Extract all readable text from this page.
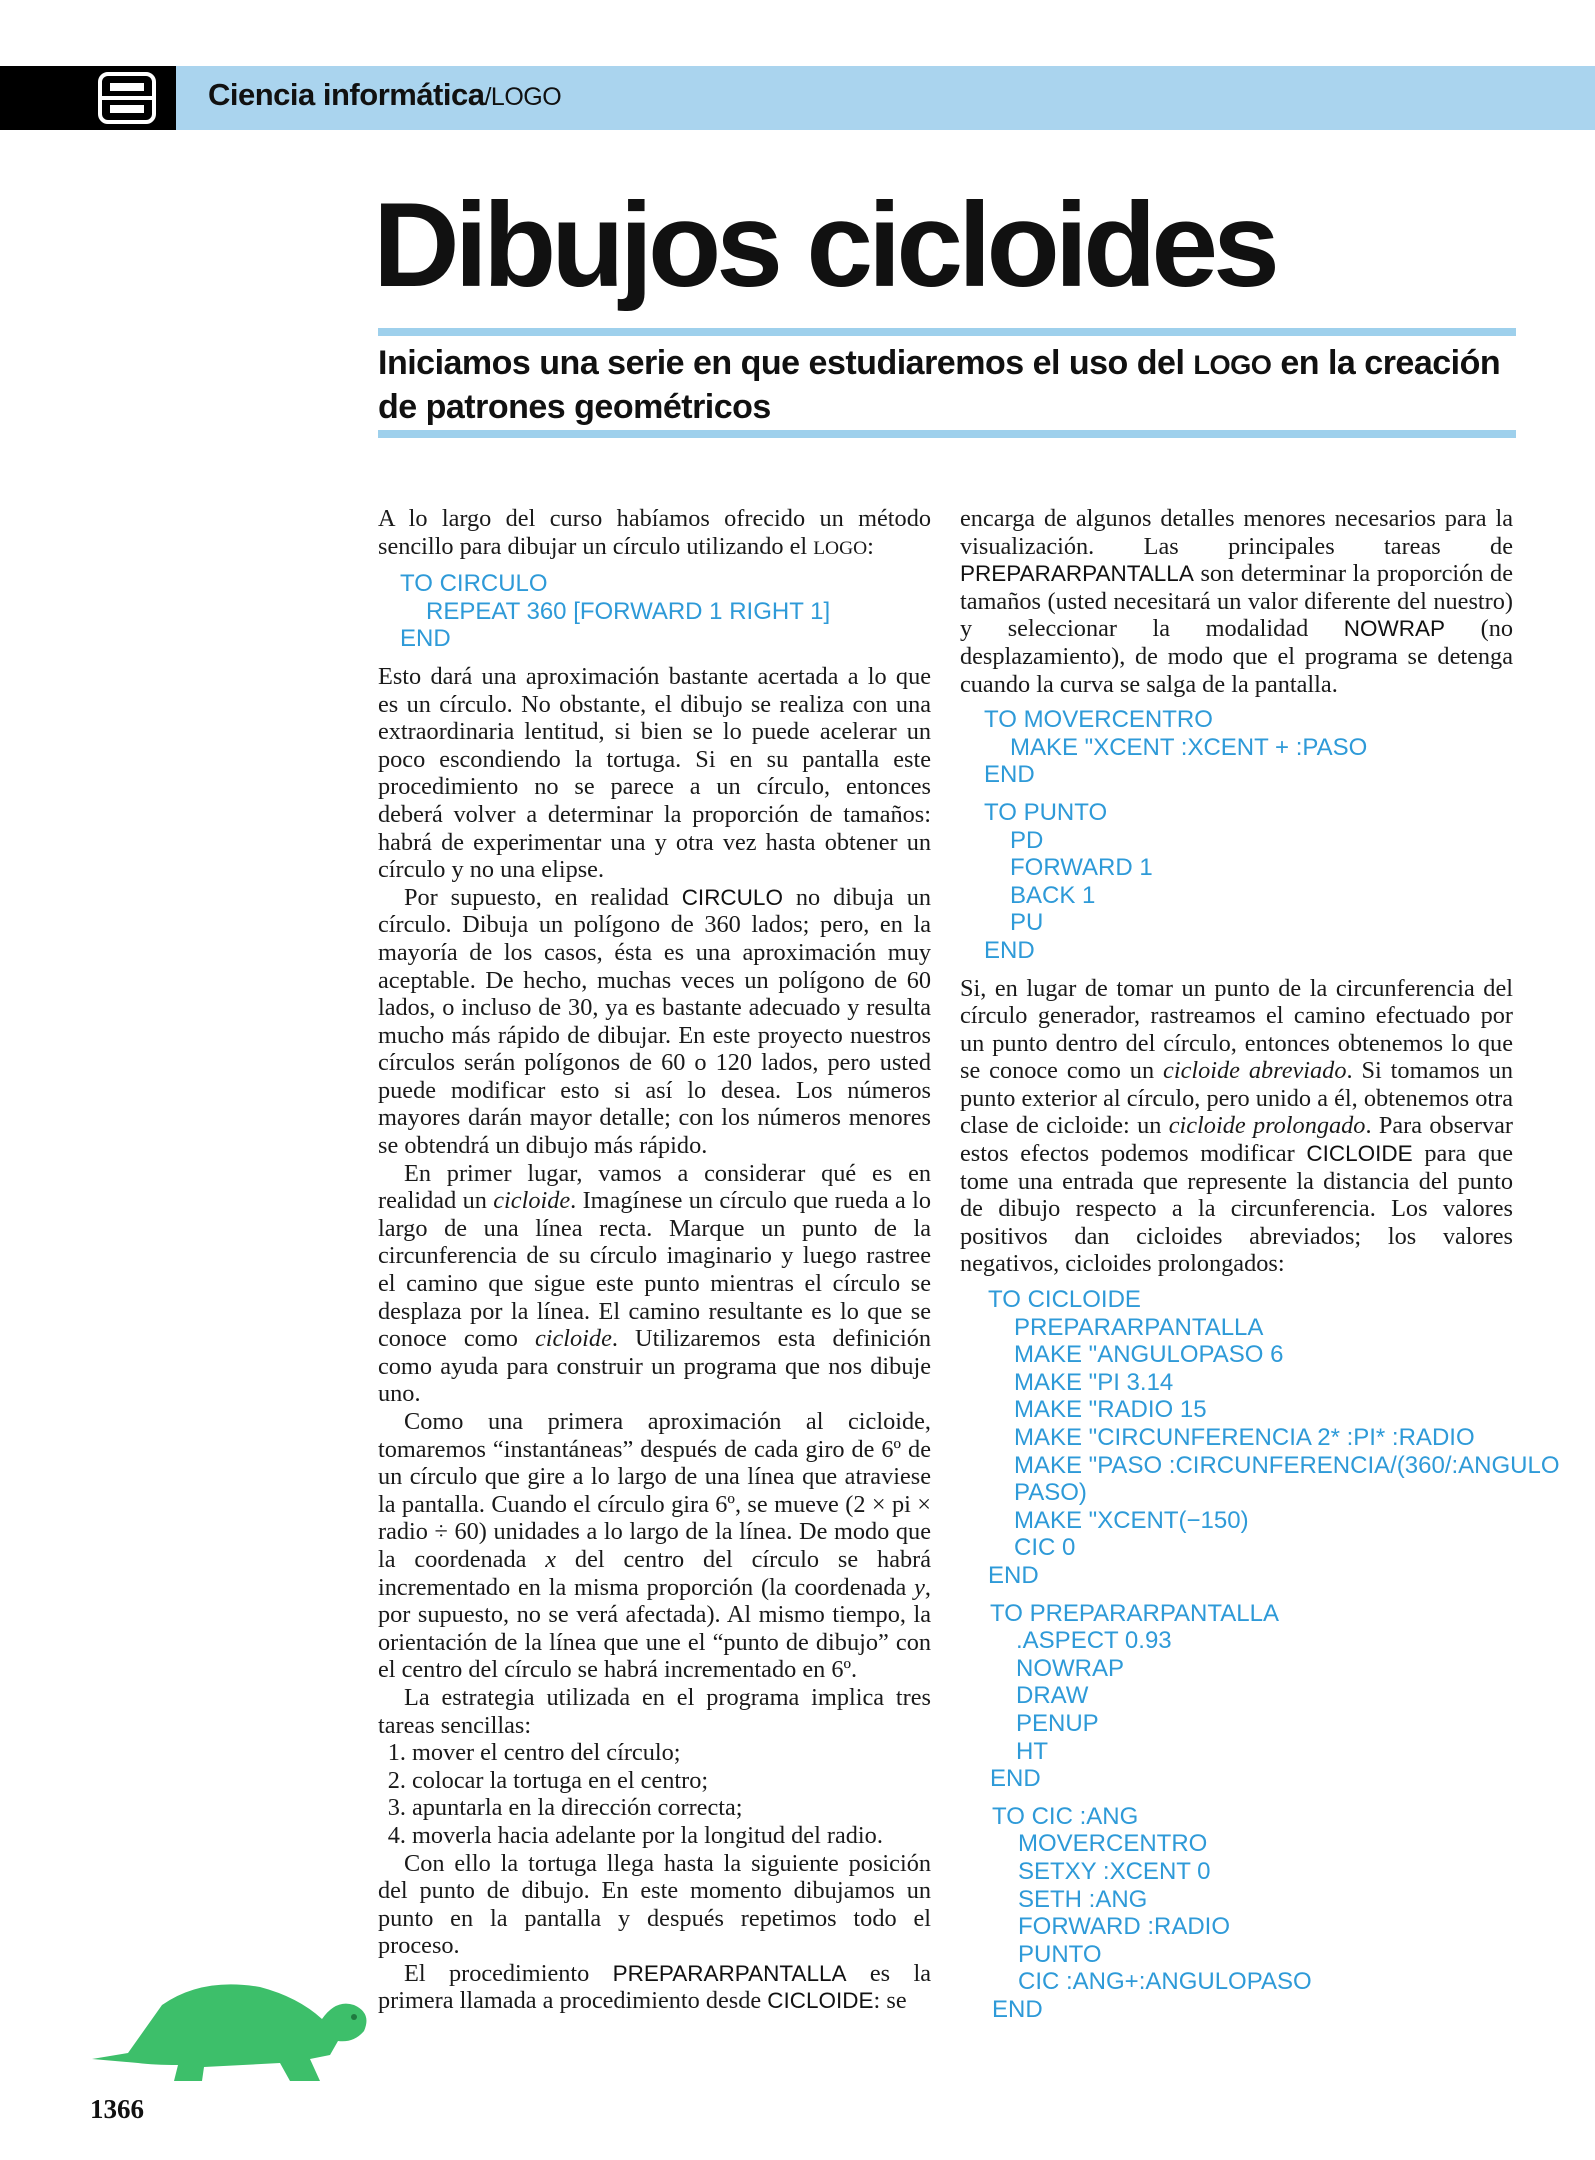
Ciencia informática/LOGO
Dibujos cicloides

Iniciamos una serie en que estudiaremos el uso del LOGO en la creación de patrones geométricos

A lo largo del curso habíamos ofrecido un método sencillo para dibujar un círculo utilizando el LOGO:

TO CIRCULO
REPEAT 360 [FORWARD 1 RIGHT 1]
END

Esto dará una aproximación bastante acertada a lo que es un círculo. No obstante, el dibujo se realiza con una extraordinaria lentitud, si bien se lo puede acelerar un poco escondiendo la tortuga. Si en su pantalla este procedimiento no se parece a un círculo, entonces deberá volver a determinar la proporción de tamaños: habrá de experimentar una y otra vez hasta obtener un círculo y no una elipse.

Por supuesto, en realidad CIRCULO no dibuja un círculo. Dibuja un polígono de 360 lados; pero, en la mayoría de los casos, ésta es una aproximación muy aceptable. De hecho, muchas veces un polígono de 60 lados, o incluso de 30, ya es bastante adecuado y resulta mucho más rápido de dibujar. En este proyecto nuestros círculos serán polígonos de 60 o 120 lados, pero usted puede modificar esto si así lo desea. Los números mayores darán mayor detalle; con los números menores se obtendrá un dibujo más rápido.

En primer lugar, vamos a considerar qué es en realidad un cicloide. Imagínese un círculo que rueda a lo largo de una línea recta. Marque un punto de la circunferencia de su círculo imaginario y luego rastree el camino que sigue este punto mientras el círculo se desplaza por la línea. El camino resultante es lo que se conoce como cicloide. Utilizaremos esta definición como ayuda para construir un programa que nos dibuje uno.

Como una primera aproximación al cicloide, tomaremos “instantáneas” después de cada giro de 6º de un círculo que gire a lo largo de una línea que atraviese la pantalla. Cuando el círculo gira 6º, se mueve (2 × pi × radio ÷ 60) unidades a lo largo de la línea. De modo que la coordenada x del centro del círculo se habrá incrementado en la misma proporción (la coordenada y, por supuesto, no se verá afectada). Al mismo tiempo, la orientación de la línea que une el “punto de dibujo” con el centro del círculo se habrá incrementado en 6º.

La estrategia utilizada en el programa implica tres tareas sencillas:

1. mover el centro del círculo;
2. colocar la tortuga en el centro;
3. apuntarla en la dirección correcta;
4. moverla hacia adelante por la longitud del radio.

Con ello la tortuga llega hasta la siguiente posición del punto de dibujo. En este momento dibujamos un punto en la pantalla y después repetimos todo el proceso.

El procedimiento PREPARARPANTALLA es la primera llamada a procedimiento desde CICLOIDE: se

encarga de algunos detalles menores necesarios para la visualización. Las principales tareas de PREPARARPANTALLA son determinar la proporción de tamaños (usted necesitará un valor diferente del nuestro) y seleccionar la modalidad NOWRAP (no desplazamiento), de modo que el programa se detenga cuando la curva se salga de la pantalla.

TO MOVERCENTRO
MAKE "XCENT :XCENT + :PASO
END
TO PUNTO
PD
FORWARD 1
BACK 1
PU
END

Si, en lugar de tomar un punto de la circunferencia del círculo generador, rastreamos el camino efectuado por un punto dentro del círculo, entonces obtenemos lo que se conoce como un cicloide abreviado. Si tomamos un punto exterior al círculo, pero unido a él, obtenemos otra clase de cicloide: un cicloide prolongado. Para observar estos efectos podemos modificar CICLOIDE para que tome una entrada que represente la distancia del punto de dibujo respecto a la circunferencia. Los valores positivos dan cicloides abreviados; los valores negativos, cicloides prolongados:

TO CICLOIDE
PREPARARPANTALLA
MAKE "ANGULOPASO 6
MAKE "PI 3.14
MAKE "RADIO 15
MAKE "CIRCUNFERENCIA 2* :PI* :RADIO
MAKE "PASO :CIRCUNFERENCIA/(360/:ANGULO
PASO)
MAKE "XCENT(−150)
CIC 0
END
TO PREPARARPANTALLA
.ASPECT 0.93
NOWRAP
DRAW
PENUP
HT
END
TO CIC :ANG
MOVERCENTRO
SETXY :XCENT 0
SETH :ANG
FORWARD :RADIO
PUNTO
CIC :ANG+:ANGULOPASO
END
1366
